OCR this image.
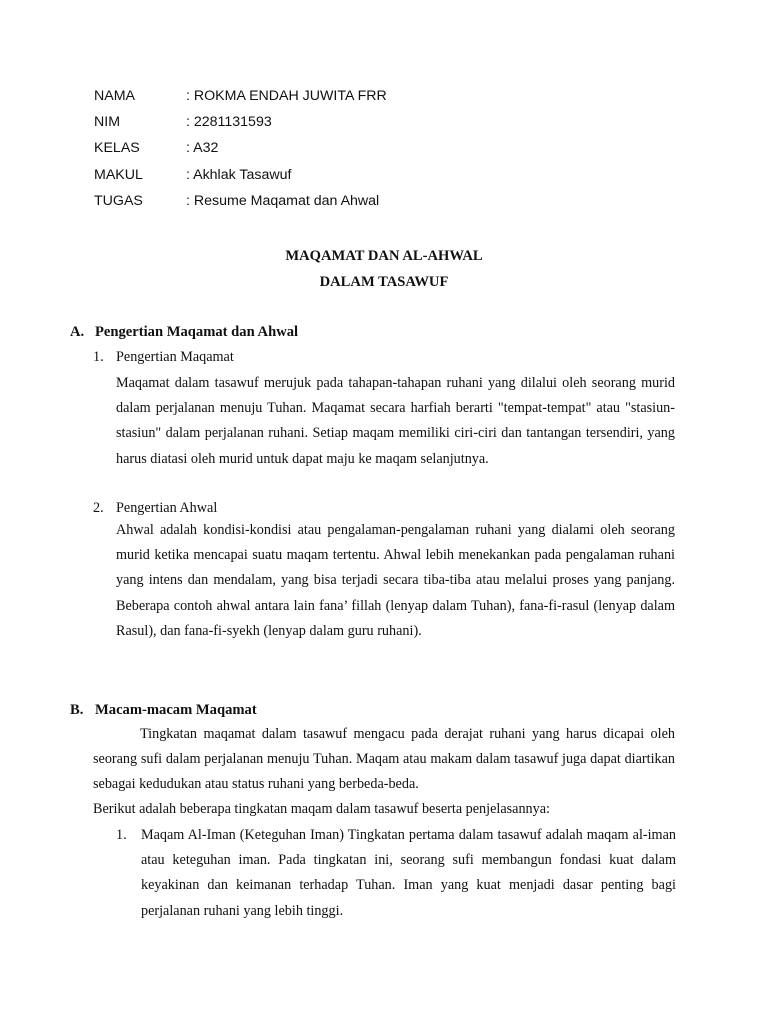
NAMA	: ROKMA ENDAH JUWITA FRR
NIM	: 2281131593
KELAS	: A32
MAKUL	: Akhlak Tasawuf
TUGAS	: Resume Maqamat dan Ahwal
MAQAMAT DAN AL-AHWAL
DALAM TASAWUF
A. Pengertian Maqamat dan Ahwal
1. Pengertian Maqamat
Maqamat dalam tasawuf merujuk pada tahapan-tahapan ruhani yang dilalui oleh seorang murid dalam perjalanan menuju Tuhan. Maqamat secara harfiah berarti "tempat-tempat" atau "stasiun-stasiun" dalam perjalanan ruhani. Setiap maqam memiliki ciri-ciri dan tantangan tersendiri, yang harus diatasi oleh murid untuk dapat maju ke maqam selanjutnya.
2. Pengertian Ahwal
Ahwal adalah kondisi-kondisi atau pengalaman-pengalaman ruhani yang dialami oleh seorang murid ketika mencapai suatu maqam tertentu. Ahwal lebih menekankan pada pengalaman ruhani yang intens dan mendalam, yang bisa terjadi secara tiba-tiba atau melalui proses yang panjang. Beberapa contoh ahwal antara lain fana’ fillah (lenyap dalam Tuhan), fana-fi-rasul (lenyap dalam Rasul), dan fana-fi-syekh (lenyap dalam guru ruhani).
B. Macam-macam Maqamat
Tingkatan maqamat dalam tasawuf mengacu pada derajat ruhani yang harus dicapai oleh seorang sufi dalam perjalanan menuju Tuhan. Maqam atau makam dalam tasawuf juga dapat diartikan sebagai kedudukan atau status ruhani yang berbeda-beda.
Berikut adalah beberapa tingkatan maqam dalam tasawuf beserta penjelasannya:
1. Maqam Al-Iman (Keteguhan Iman) Tingkatan pertama dalam tasawuf adalah maqam al-iman atau keteguhan iman. Pada tingkatan ini, seorang sufi membangun fondasi kuat dalam keyakinan dan keimanan terhadap Tuhan. Iman yang kuat menjadi dasar penting bagi perjalanan ruhani yang lebih tinggi.
